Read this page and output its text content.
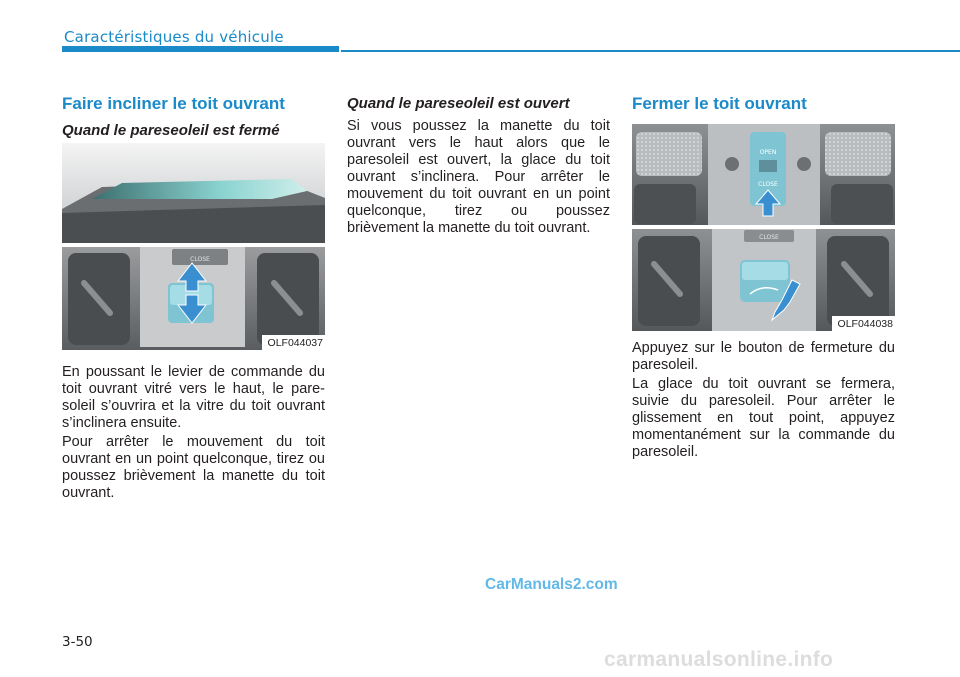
Caractéristiques du véhicule
Faire incliner le toit ouvrant
Quand le pareseoleil est fermé
CLOSE
OLF044037

En poussant le levier de commande du toit ouvrant vitré vers le haut, le pare-soleil s’ouvrira et la vitre du toit ouvrant s’inclinera ensuite.

Pour arrêter le mouvement du toit ouvrant en un point quelconque, tirez ou poussez brièvement la manette du toit ouvrant.

Quand le pareseoleil est ouvert

Si vous poussez la manette du toit ouvrant vers le haut alors que le paresoleil est ouvert, la glace du toit ouvrant s’inclinera. Pour arrêter le mouvement du toit ouvrant en un point quelconque, tirez ou poussez brièvement la manette du toit ouvrant.

Fermer le toit ouvrant
OPEN
CLOSE
CLOSE
OLF044038

Appuyez sur le bouton de fermeture du paresoleil.

La glace du toit ouvrant se fermera, suivie du paresoleil. Pour arrêter le glissement en tout point, appuyez momentanément sur la commande du paresoleil.

CarManuals2.com
3-50
carmanualsonline.info
